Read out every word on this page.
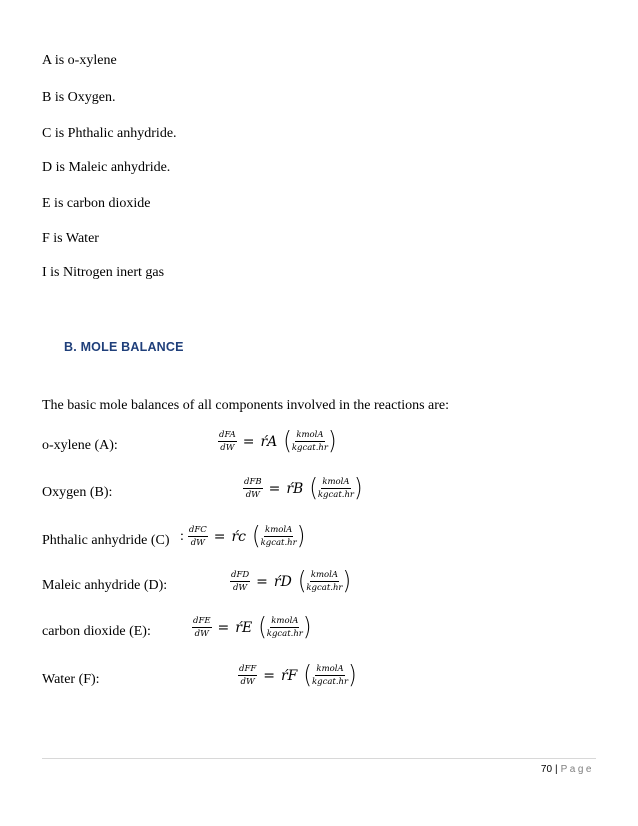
A is o-xylene
B is Oxygen.
C is Phthalic anhydride.
D is Maleic anhydride.
E is carbon dioxide
F is Water
I is Nitrogen inert gas
B. MOLE BALANCE
The basic mole balances of all components involved in the reactions are:
o-xylene (A):	$\frac{\text{dFA}}{dW}$ = ŕA ( $\frac{\text{kmolA}}{\text{kgcat.hr}}$ )
Oxygen (B):	$\frac{\text{dFB}}{dW}$ = ŕB ( $\frac{\text{kmolA}}{\text{kgcat.hr}}$ )
Phthalic anhydride (C) : $\frac{\text{dFC}}{dW}$ = ŕc ( $\frac{\text{kmolA}}{\text{kgcat.hr}}$ )
Maleic anhydride (D):	$\frac{\text{dFD}}{dW}$ = ŕD ( $\frac{\text{kmolA}}{\text{kgcat.hr}}$ )
carbon dioxide (E):	$\frac{\text{dFE}}{dW}$ = ŕE ( $\frac{\text{kmolA}}{\text{kgcat.hr}}$ )
Water (F):	$\frac{\text{dFF}}{dW}$ = ŕF ( $\frac{\text{kmolA}}{\text{kgcat.hr}}$ )
70 | Page
